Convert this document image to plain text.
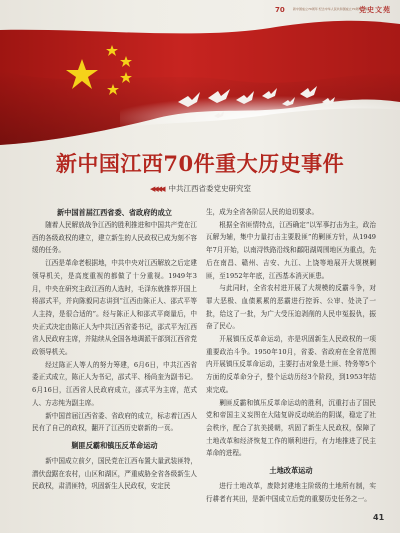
70 新中国成立70周年 纪念中华人民共和国成立70周年专辑
党史文苑
新中国江西70件重大历史事件
◀◀◀◀ 中共江西省委党史研究室
新中国首届江西省委、省政府的成立

随着人民解放战争江西的胜利推进和中国共产党在江西的各级政权的建立，建立新生的人民政权已成为刻不容缓的任务。

江西是革命老根据地，中共中央对江西解放之后定建领导机关，是高度重视的都做了十分重视。1949年3月，中央在研究主政江西的人选时，毛泽东就推荐开国上将邵式平，并向陈毅同志讲到“江西由陈正人、邵式平等人主持，是很合适的”。经与陈正人和邵式平商量后，中央正式决定由陈正人为中共江西省委书记，邵式平为江西省人民政府主席，并陆续从全国各地调派干部到江西省党政领导机关。

经过陈正人等人的努力筹建，6月6日，中共江西省委正式成立，陈正人为书记，邵式平、杨尚奎为副书记。6月16日，江西省人民政府成立，邵式平为主席，范式人、方志纯为副主席。

新中国首届江西省委、省政府的成立，标志着江西人民有了自己的政权，翻开了江西历史崭新的一页。

剿匪反霸和镇压反革命运动

新中国成立前夕，国民党在江西布置大量武装匪特，潜伏盘踞在农村，山区和湖区，严重威胁全省各级新生人民政权，肃清匪特，巩固新生人民政权，安定民

生，成为全省各阶层人民的迫切要求。

根据全省匪情特点，江西确定“以军事打击为主，政治瓦解为辅，集中力量打击主要股匪”的剿匪方针，从1949年7月开始，以南浔铁路沿线和鄱阳湖周围地区为重点，先后在南昌、赣州、吉安、九江、上饶等地展开大规模剿匪，至1952年年底，江西基本消灭匪患。

与此同时，全省农村进开展了大规模的反霸斗争，对罪大恶极、血债累累的恶霸进行控诉、公审、处决了一批，给这了一批，为广大受压迫剥削的人民申冤报仇，振奋了民心。

开展镇压反革命运动，亦是巩固新生人民政权的一项重要政治斗争。1950年10月，省委、省政府在全省范围内开展镇压反革命运动，主要打击对象是土匪、特务等5个方面的反革命分子，整个运动历经3个阶段，到1953年结束完成。

剿匪反霸和镇压反革命运动的胜利，沉重打击了国民党和帝国主义妄图在大陆复辟反动统治的阴谋，稳定了社会秩序，配合了抗美援朝，巩固了新生人民政权，保障了土地改革和经济恢复工作的顺利进行，有力地推进了民主革命的进程。

土地改革运动

进行土地改革，废除封建地主阶级的土地所有制，实行耕者有其田，是新中国成立后党的重要历史任务之一。

41
